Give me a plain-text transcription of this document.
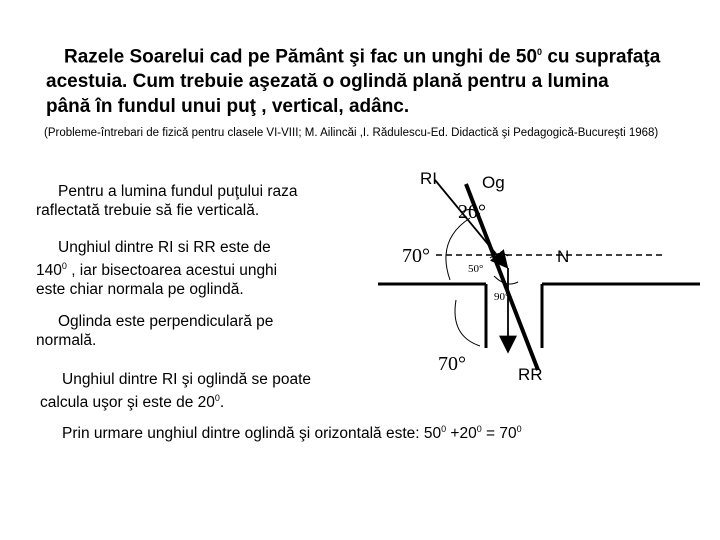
Razele Soarelui cad pe Pământ şi fac un unghi de $50^0$ cu suprafaţa
acestuia. Cum trebuie aşezată o oglindă plană pentru a lumina
până în fundul unui puţ , vertical, adânc.
(Probleme-întrebari de fizică pentru clasele VI-VIII; M. Ailincăi ,I. Rădulescu-Ed. Didactică şi Pedagogică-Bucureşti 1968)
Pentru a lumina fundul puţului raza
raflectată trebuie să fie verticală.
Unghiul dintre RI si RR este de
$140^0$ , iar bisectoarea acestui unghi
este chiar normala pe oglindă.
Oglinda este perpendiculară pe
normală.
Unghiul dintre RI şi oglindă se poate
calcula uşor şi este de $20^0$.
Prin urmare unghiul dintre oglindă şi orizontală este: $50^0 +20^0 = 70^0$
RI	Og
N
RR
20°
70°
50°
90°
70°
